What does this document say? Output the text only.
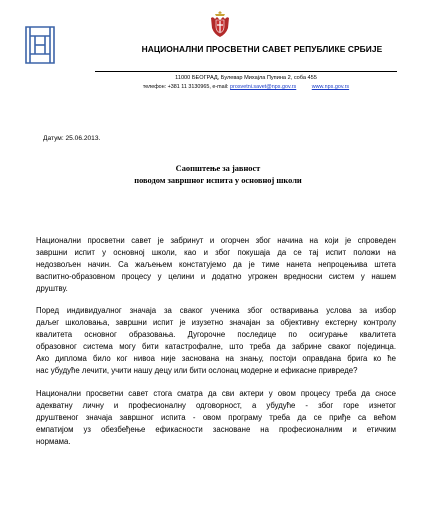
НАЦИОНАЛНИ ПРОСВЕТНИ САВЕТ РЕПУБЛИКЕ СРБИЈЕ
11000 БЕОГРАД, Булевар Михајла Пупина 2, соба 455
телефон: +381 11 3130965, e-mail: prosvetni.savet@nps.gov.rs	www.nps.gov.rs
Датум: 25.06.2013.
Саопштење за јавност
поводом завршног испита у основној школи
Национални просветни савет је забринут и огорчен због начина на који је спроведен
завршни испит у основној школи, као и због покушаја да се тај испит положи на
недозвољен начин. Са жаљењем констатујемо да је тиме нанета непроцењива штета
васпитно-образовном процесу у целини и додатно угрожен вредносни систем у нашем
друштву.
Поред индивидуалног значаја за сваког ученика због остваривања услова за избор
даљег школовања, завршни испит је изузетно значајан за објективну екстерну контролу
квалитета основног образовања. Дугорочне последице по осигурање квалитета
образовног система могу бити катастрофалне, што треба да забрине сваког појединца.
Ако диплома било ког нивоа није заснована на знању, постоји оправдана брига ко ће
нас убудуће лечити, учити нашу децу или бити ослонац модерне и ефикасне привреде?
Национални просветни савет стога сматра да сви актери у овом процесу треба да сносе
адекватну личну и професионалну одговорност, а убудуће - због горе изнетог
друштвеног значаја завршног испита - овом програму треба да се приђе са већом
емпатијом уз обезбеђење ефикасности засноване на професионалним и етичким
нормама.
